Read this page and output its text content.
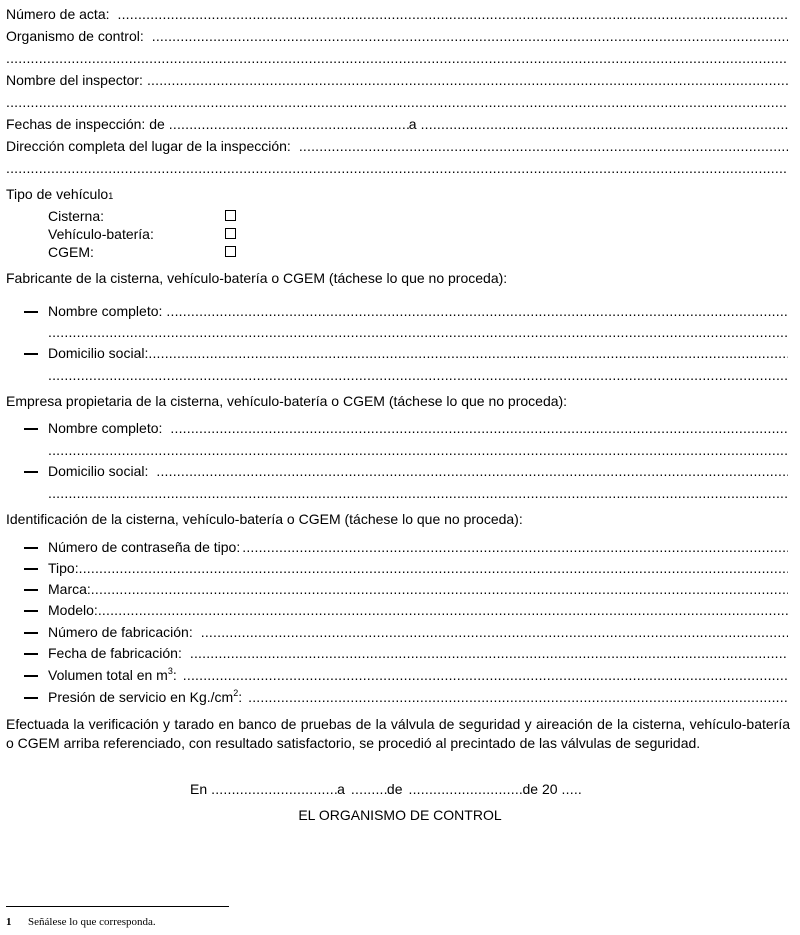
Número de acta:
.....
Organismo de control:
.....
.....
Nombre del inspector:
.....
.....
Fechas de inspección: de .....	a
.....
Dirección completa del lugar de la inspección:
.....
.....
Tipo de vehículo 1
Cisterna:
Vehículo-batería:
CGEM:
Fabricante de la cisterna, vehículo-batería o CGEM (táchese lo que no proceda):
Nombre completo:
.....
.....
Domicilio social:
.....
.....
Empresa propietaria de la cisterna, vehículo-batería o CGEM (táchese lo que no proceda):
Nombre completo:
.....
.....
Domicilio social:
.....
.....
Identificación de la cisterna, vehículo-batería o CGEM (táchese lo que no proceda):
Número de contraseña de tipo:
.....
Tipo:
.....
Marca:
.....
Modelo:
.....
Número de fabricación:
.....
Fecha de fabricación:
.....
Volumen total en $m^3$:
.....
Presión de servicio en $Kg./cm^2$:
.....
Efectuada la verificación y tarado en banco de pruebas de la válvula de seguridad y aireación de la cisterna, vehículo-batería o CGEM arriba referenciado, con resultado satisfactorio, se procedió al precintado de las válvulas de seguridad.
En .....	a .....	de .....	de 20
.....
EL ORGANISMO DE CONTROL
1 Señálese lo que corresponda.
